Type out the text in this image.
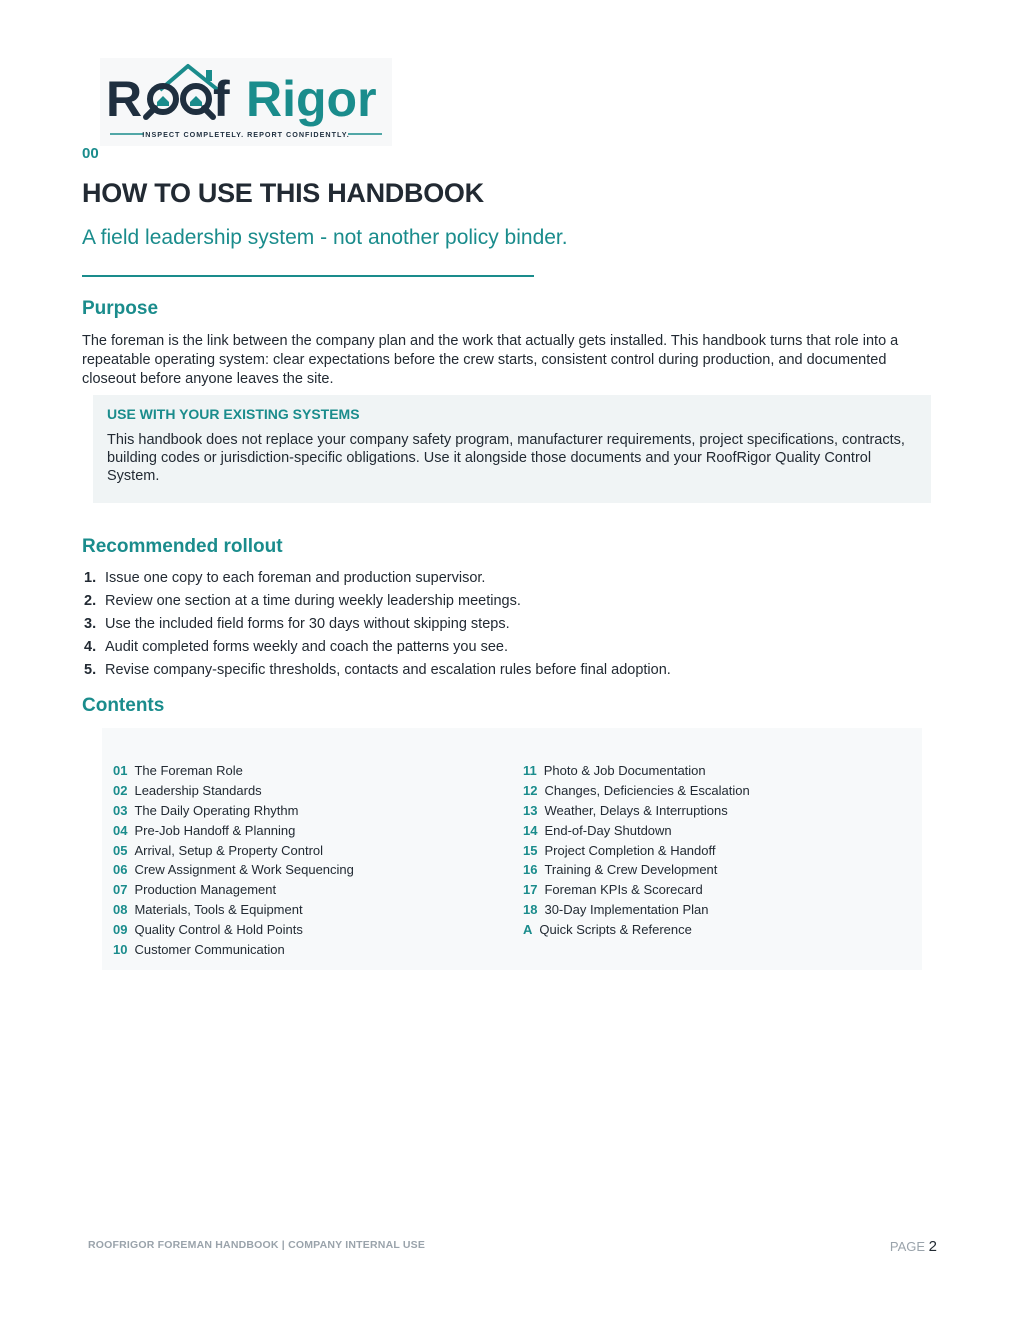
R f Rigor
INSPECT COMPLETELY. REPORT CONFIDENTLY.
00
HOW TO USE THIS HANDBOOK

A field leadership system - not another policy binder.

Purpose

The foreman is the link between the company plan and the work that actually gets installed. This handbook turns that role into a repeatable operating system: clear expectations before the crew starts, consistent control during production, and documented closeout before anyone leaves the site.

USE WITH YOUR EXISTING SYSTEMS

This handbook does not replace your company safety program, manufacturer requirements, project specifications, contracts, building codes or jurisdiction-specific obligations. Use it alongside those documents and your RoofRigor Quality Control System.

Recommended rollout
1. Issue one copy to each foreman and production supervisor.
2. Review one section at a time during weekly leadership meetings.
3. Use the included field forms for 30 days without skipping steps.
4. Audit completed forms weekly and coach the patterns you see.
5. Revise company-specific thresholds, contacts and escalation rules before final adoption.
Contents
01 The Foreman Role
02 Leadership Standards
03 The Daily Operating Rhythm
04 Pre-Job Handoff & Planning
05 Arrival, Setup & Property Control
06 Crew Assignment & Work Sequencing
07 Production Management
08 Materials, Tools & Equipment
09 Quality Control & Hold Points
10 Customer Communication
11 Photo & Job Documentation
12 Changes, Deficiencies & Escalation
13 Weather, Delays & Interruptions
14 End-of-Day Shutdown
15 Project Completion & Handoff
16 Training & Crew Development
17 Foreman KPIs & Scorecard
18 30-Day Implementation Plan
A Quick Scripts & Reference
ROOFRIGOR FOREMAN HANDBOOK | COMPANY INTERNAL USE	PAGE 2
